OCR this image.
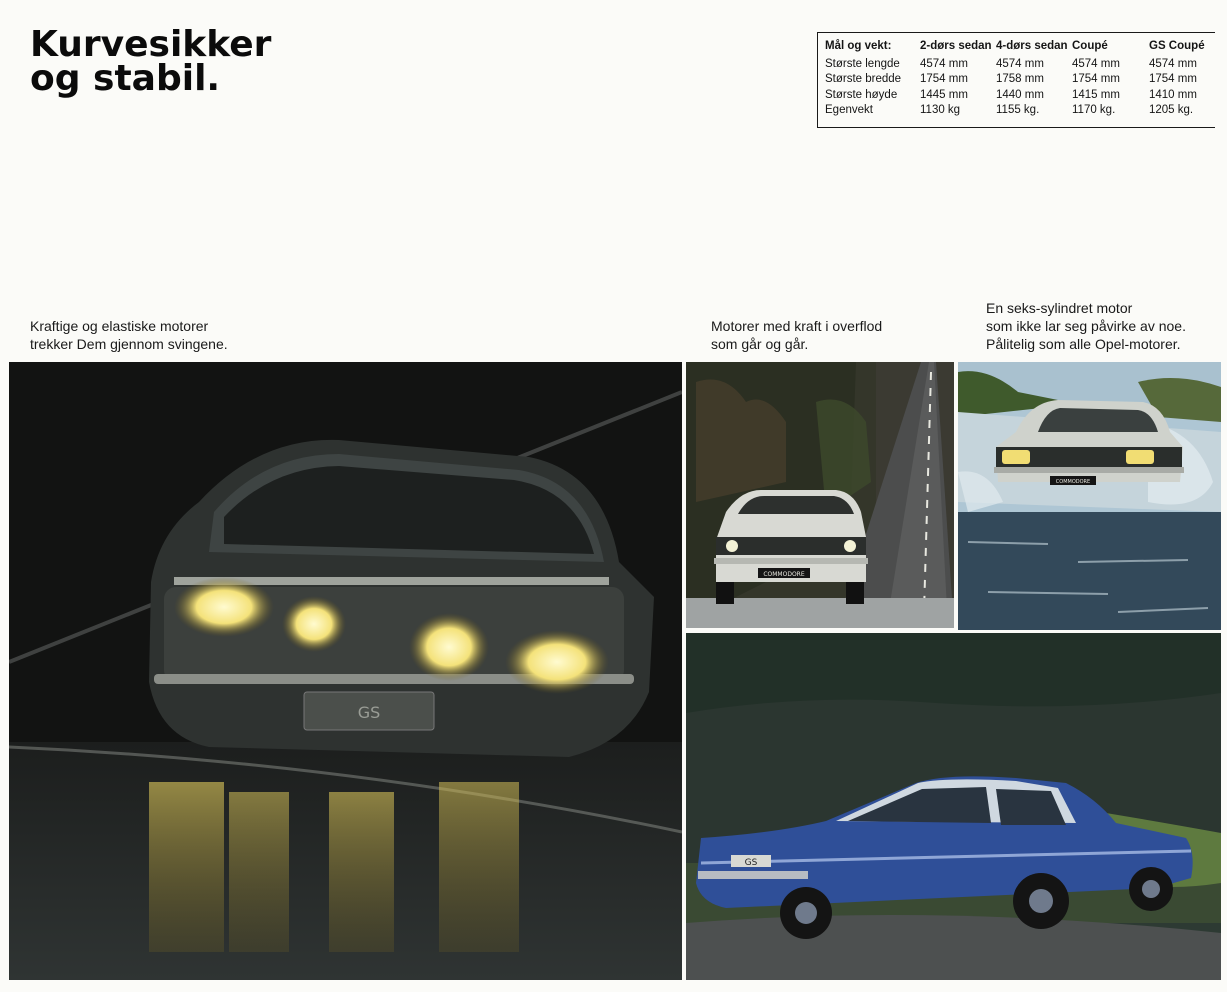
Kurvesikker
og stabil.
Mål og vekt:	2-dørs sedan	4-dørs sedan	Coupé	GS Coupé
Største lengde	4574 mm	4574 mm	4574 mm	4574 mm
Største bredde	1754 mm	1758 mm	1754 mm	1754 mm
Største høyde	1445 mm	1440 mm	1415 mm	1410 mm
Egenvekt	1130 kg	1155 kg.	1170 kg.	1205 kg.

Kraftige og elastiske motorer
trekker Dem gjennom svingene.

Motorer med kraft i overflod
som går og går.

En seks-sylindret motor
som ikke lar seg påvirke av noe.
Pålitelig som alle Opel-motorer.

GS
COMMODORE
COMMODORE
GS
